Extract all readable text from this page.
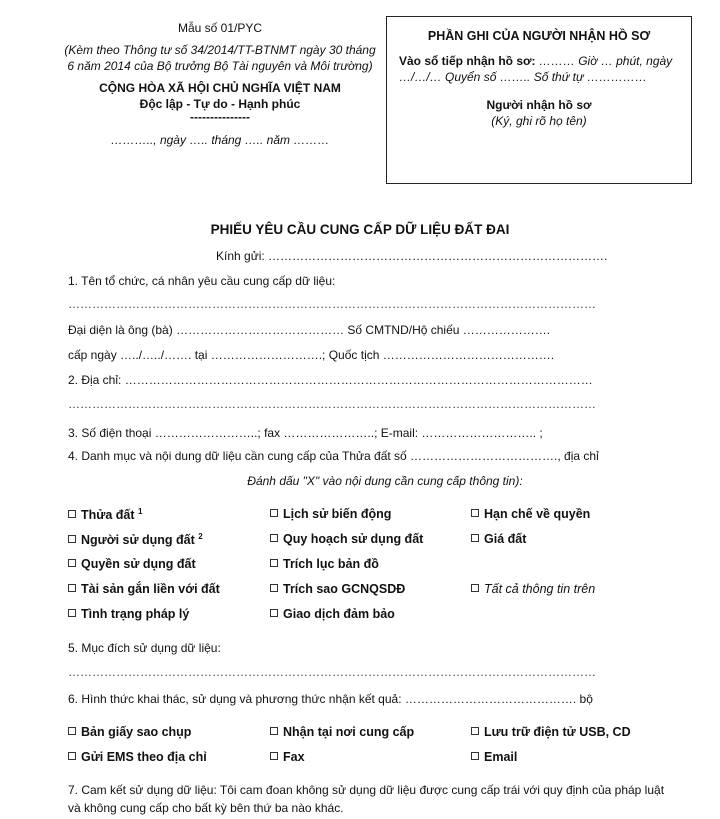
Mẫu số 01/PYC
(Kèm theo Thông tư số 34/2014/TT-BTNMT ngày 30 tháng 6 năm 2014 của Bộ trưởng Bộ Tài nguyên và Môi trường)
CỘNG HÒA XÃ HỘI CHỦ NGHĨA VIỆT NAM
Độc lập - Tự do - Hạnh phúc
---------------
……….., ngày ….. tháng ….. năm ………
PHẦN GHI CỦA NGƯỜI NHẬN HỒ SƠ
Vào sổ tiếp nhận hồ sơ: ……… Giờ … phút, ngày …/…/… Quyển số …….. Số thứ tự ……………
Người nhận hồ sơ
(Ký, ghi rõ họ tên)
PHIẾU YÊU CẦU CUNG CẤP DỮ LIỆU ĐẤT ĐAI
Kính gửi: ………………………………………………………………………….
1. Tên tổ chức, cá nhân yêu cầu cung cấp dữ liệu:
……………………………………………………………………………………………………………………
Đại diện là ông (bà) …………………………………… Số CMTND/Hộ chiếu ………………….
cấp ngày …../…../……. tại ……………………….; Quốc tịch …………………………………….
2. Địa chỉ: ………………………………………………………………………………………………………
……………………………………………………………………………………………………………………
3. Số điện thoại ……………………..; fax …………………..; E-mail: ……………………….. ;
4. Danh mục và nội dung dữ liệu cần cung cấp của Thửa đất số ………………………………., địa chỉ
Đánh dấu "X" vào nội dung cần cung cấp thông tin):
Thửa đất $^1$	Lịch sử biến động	Hạn chế về quyền
Người sử dụng đất $^2$	Quy hoạch sử dụng đất	Giá đất
Quyền sử dụng đất	Trích lục bản đồ
Tài sản gắn liền với đất	Trích sao GCNQSDĐ	Tất cả thông tin trên
Tình trạng pháp lý	Giao dịch đảm bảo
5. Mục đích sử dụng dữ liệu:
……………………………………………………………………………………………………………………
6. Hình thức khai thác, sử dụng và phương thức nhận kết quả: ……………………………………. bộ
Bản giấy sao chụp	Nhận tại nơi cung cấp	Lưu trữ điện tử USB, CD
Gửi EMS theo địa chỉ	Fax	Email
7. Cam kết sử dụng dữ liệu: Tôi cam đoan không sử dụng dữ liệu được cung cấp trái với quy định của pháp luật
và không cung cấp cho bất kỳ bên thứ ba nào khác.
